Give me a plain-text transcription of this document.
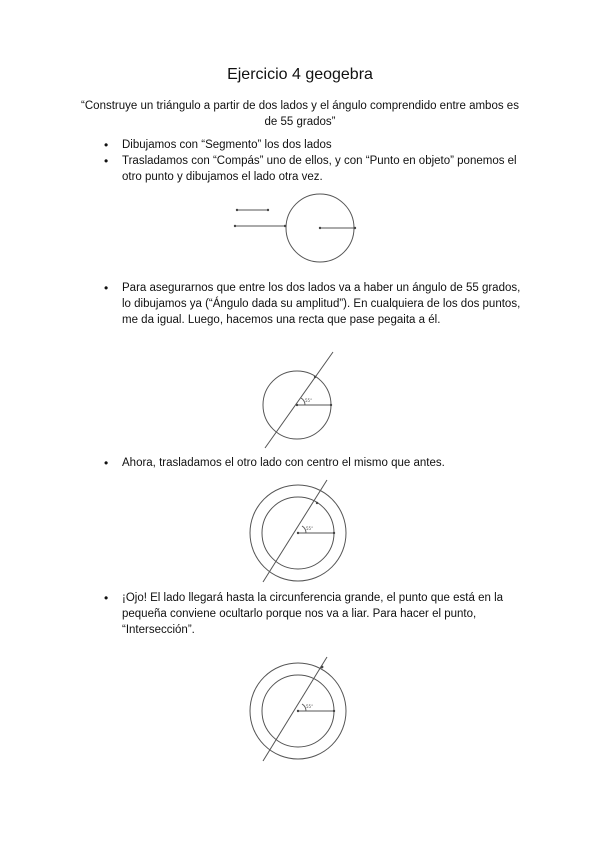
Ejercicio 4 geogebra
“Construye un triángulo a partir de dos lados y el ángulo comprendido entre ambos es de 55 grados”
• Dibujamos con “Segmento” los dos lados
• Trasladamos con “Compás” uno de ellos, y con “Punto en objeto” ponemos el otro punto y dibujamos el lado otra vez.
• Para asegurarnos que entre los dos lados va a haber un ángulo de 55 grados, lo dibujamos ya (“Ángulo dada su amplitud”). En cualquiera de los dos puntos, me da igual. Luego, hacemos una recta que pase pegaita a él.
55°
• Ahora, trasladamos el otro lado con centro el mismo que antes.
55°
• ¡Ojo! El lado llegará hasta la circunferencia grande, el punto que está en la pequeña conviene ocultarlo porque nos va a liar. Para hacer el punto, “Intersección”.
55°
